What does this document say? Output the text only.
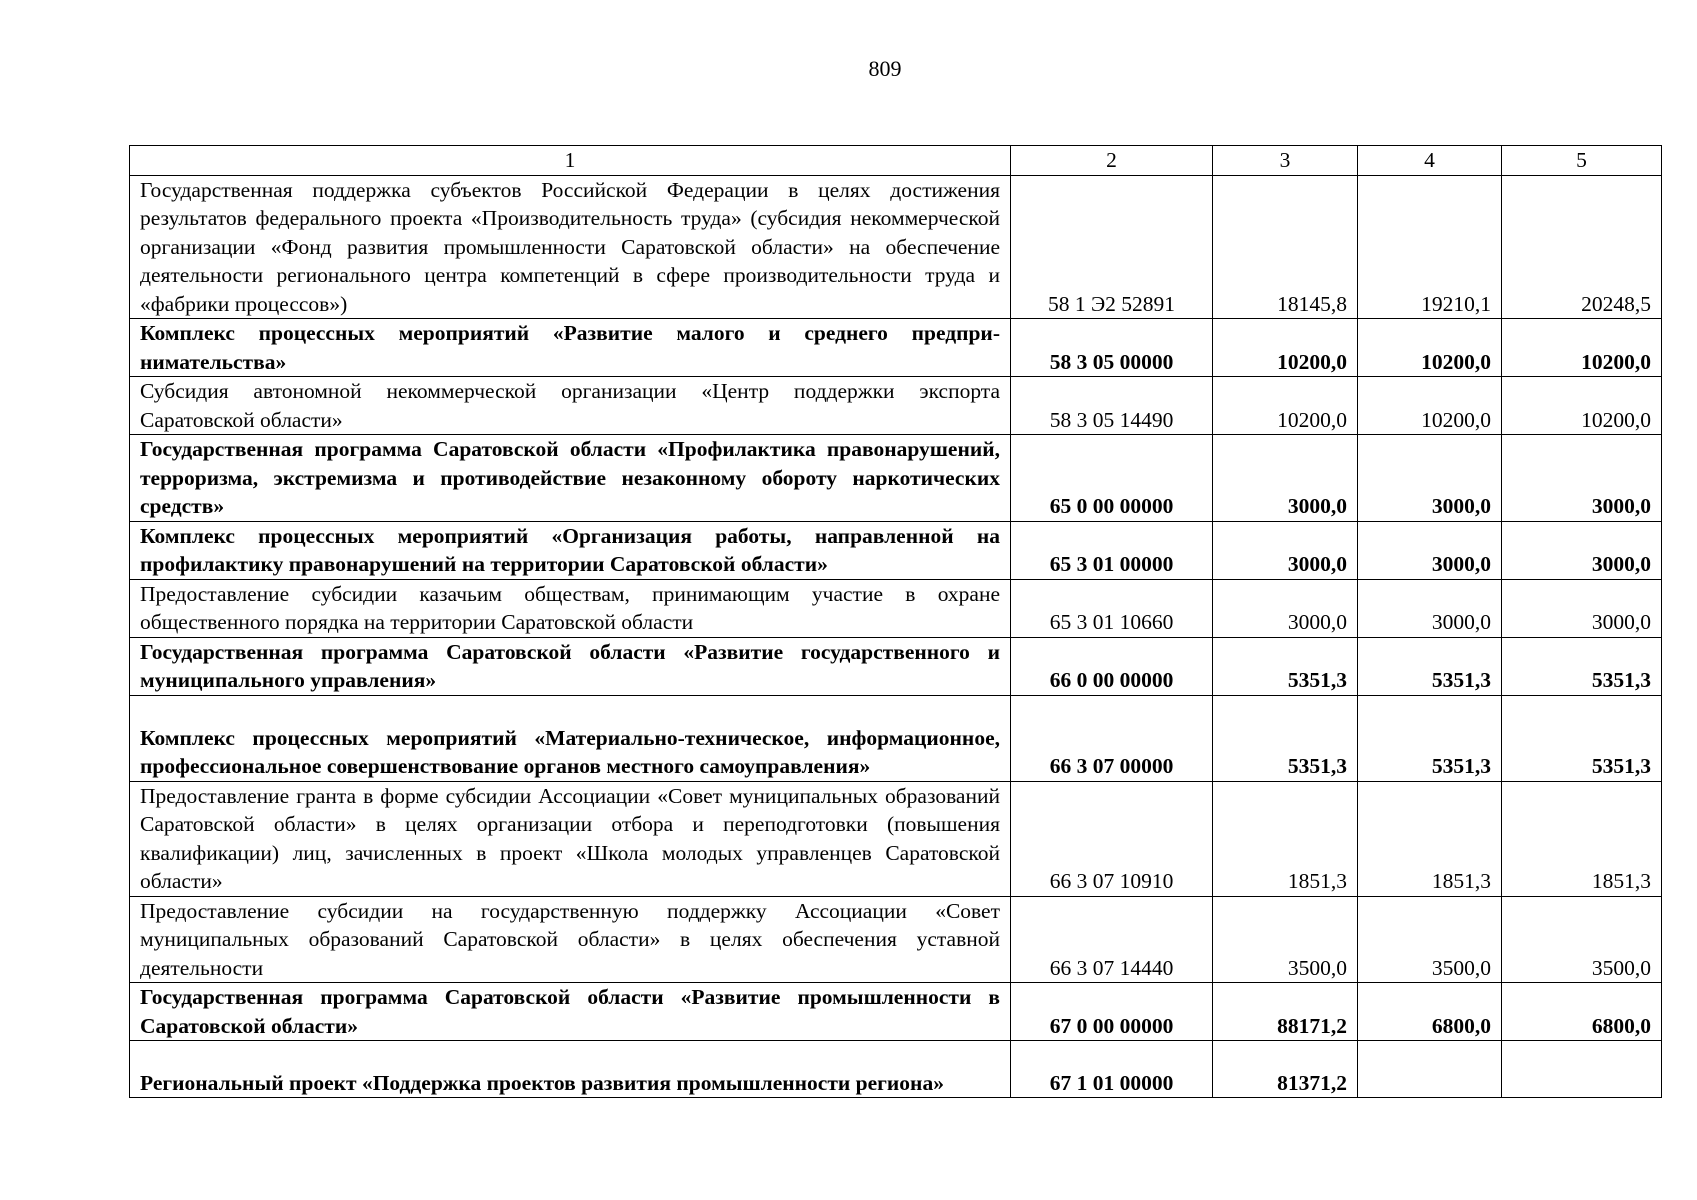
809
1	2	3	4	5
Государственная поддержка субъектов Российской Федерации в целях достижения результатов федерального проекта «Производительность труда» (субсидия некоммерческой организации «Фонд развития промышленности Саратовской области» на обеспечение деятельности регионального центра компетенций в сфере производительности труда и «фабрики процессов»)	58 1 Э2 52891	18145,8	19210,1	20248,5
Комплекс процессных мероприятий «Развитие малого и среднего предпринимательства»	58 3 05 00000	10200,0	10200,0	10200,0
Субсидия автономной некоммерческой организации «Центр поддержки экспорта Саратовской области»	58 3 05 14490	10200,0	10200,0	10200,0
Государственная программа Саратовской области «Профилактика правонарушений, терроризма, экстремизма и противодействие незаконному обороту наркотических средств»	65 0 00 00000	3000,0	3000,0	3000,0
Комплекс процессных мероприятий «Организация работы, направленной на профилактику правонарушений на территории Саратовской области»	65 3 01 00000	3000,0	3000,0	3000,0
Предоставление субсидии казачьим обществам, принимающим участие в охране общественного порядка на территории Саратовской области	65 3 01 10660	3000,0	3000,0	3000,0
Государственная программа Саратовской области «Развитие государственного и муниципального управления»	66 0 00 00000	5351,3	5351,3	5351,3
Комплекс процессных мероприятий «Материально-техническое, информационное, профессиональное совершенствование органов местного самоуправления»	66 3 07 00000	5351,3	5351,3	5351,3
Предоставление гранта в форме субсидии Ассоциации «Совет муниципальных образований Саратовской области» в целях организации отбора и переподготовки (повышения квалификации) лиц, зачисленных в проект «Школа молодых управленцев Саратовской области»	66 3 07 10910	1851,3	1851,3	1851,3
Предоставление субсидии на государственную поддержку Ассоциации «Совет муниципальных образований Саратовской области» в целях обеспечения уставной деятельности	66 3 07 14440	3500,0	3500,0	3500,0
Государственная программа Саратовской области «Развитие промышленности в Саратовской области»	67 0 00 00000	88171,2	6800,0	6800,0
Региональный проект «Поддержка проектов развития промышленности региона»	67 1 01 00000	81371,2		
